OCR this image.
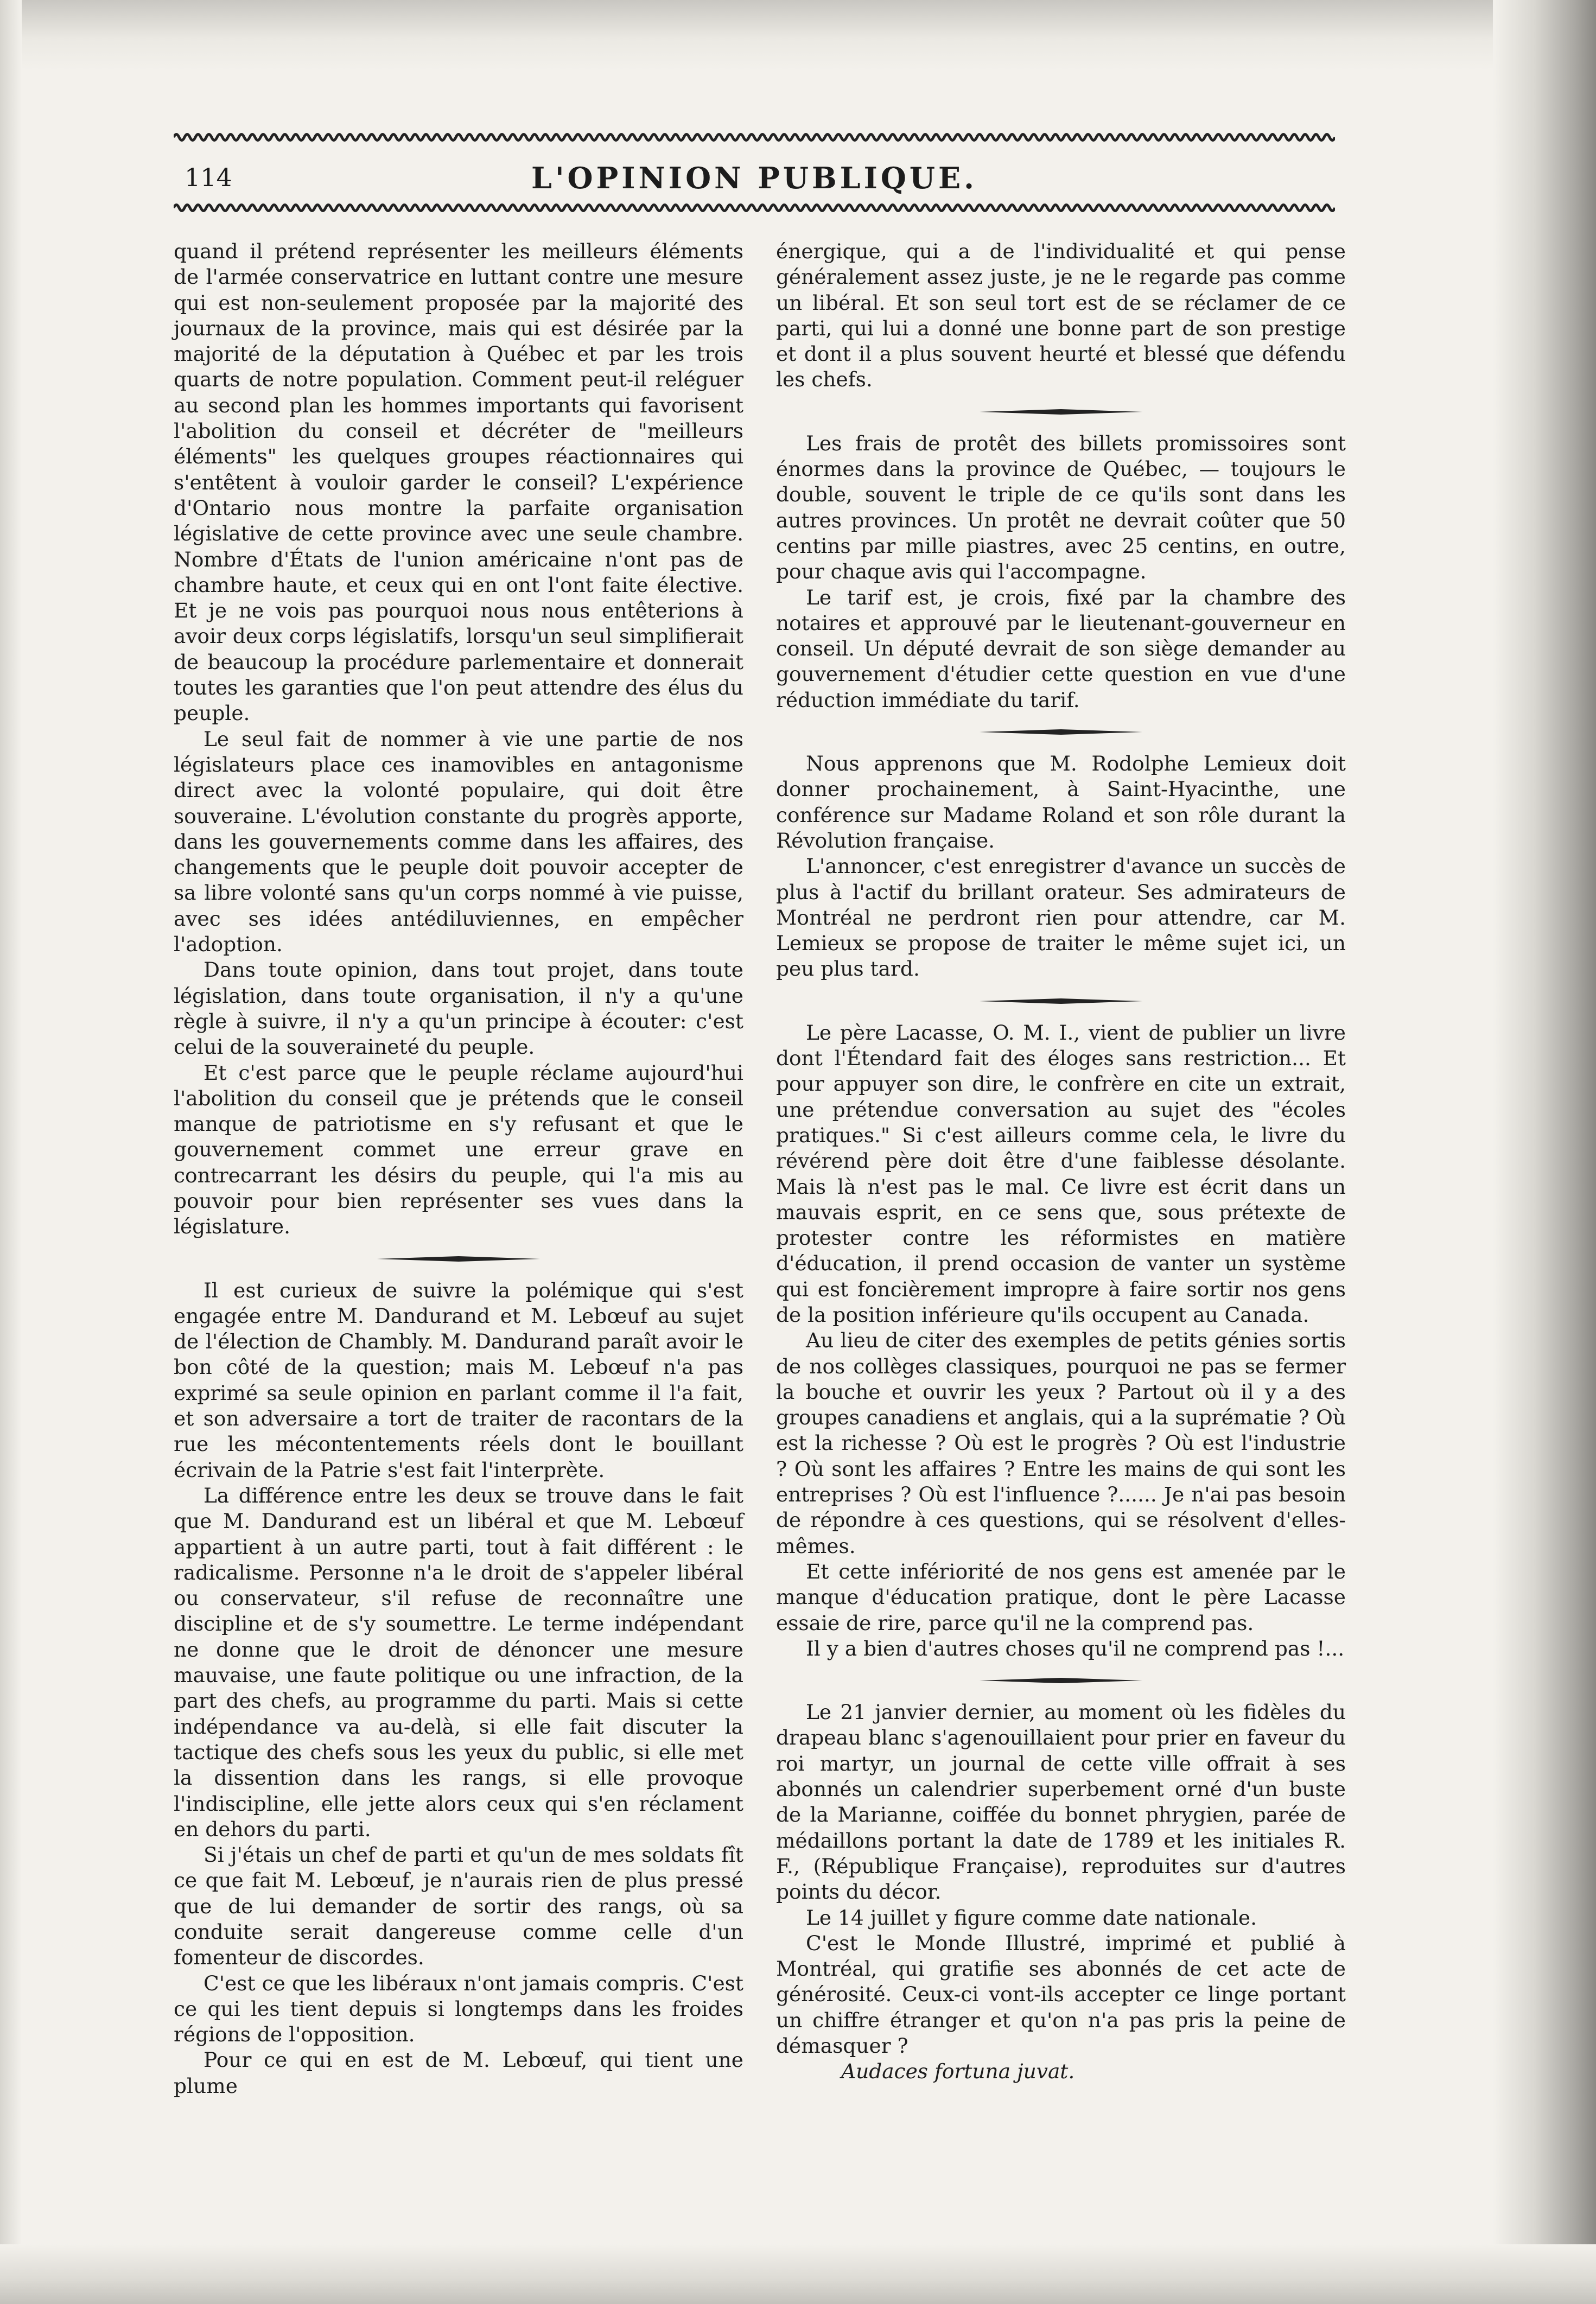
114	L'OPINION PUBLIQUE.

quand il prétend représenter les meilleurs éléments de l'armée conservatrice en luttant contre une mesure qui est non-seulement proposée par la majorité des journaux de la province, mais qui est désirée par la majorité de la députation à Québec et par les trois quarts de notre population. Comment peut-il reléguer au second plan les hommes importants qui favorisent l'abolition du conseil et décréter de "meilleurs éléments" les quelques groupes réactionnaires qui s'entêtent à vouloir garder le conseil? L'expérience d'Ontario nous montre la parfaite organisation législative de cette province avec une seule chambre. Nombre d'États de l'union américaine n'ont pas de chambre haute, et ceux qui en ont l'ont faite élective. Et je ne vois pas pourquoi nous nous entêterions à avoir deux corps législatifs, lorsqu'un seul simplifierait de beaucoup la procédure parlementaire et donnerait toutes les garanties que l'on peut attendre des élus du peuple.

Le seul fait de nommer à vie une partie de nos législateurs place ces inamovibles en antagonisme direct avec la volonté populaire, qui doit être souveraine. L'évolution constante du progrès apporte, dans les gouvernements comme dans les affaires, des changements que le peuple doit pouvoir accepter de sa libre volonté sans qu'un corps nommé à vie puisse, avec ses idées antédiluviennes, en empêcher l'adoption.

Dans toute opinion, dans tout projet, dans toute législation, dans toute organisation, il n'y a qu'une règle à suivre, il n'y a qu'un principe à écouter: c'est celui de la souveraineté du peuple.

Et c'est parce que le peuple réclame aujourd'hui l'abolition du conseil que je prétends que le conseil manque de patriotisme en s'y refusant et que le gouvernement commet une erreur grave en contrecarrant les désirs du peuple, qui l'a mis au pouvoir pour bien représenter ses vues dans la législature.

Il est curieux de suivre la polémique qui s'est engagée entre M. Dandurand et M. Lebœuf au sujet de l'élection de Chambly. M. Dandurand paraît avoir le bon côté de la question; mais M. Lebœuf n'a pas exprimé sa seule opinion en parlant comme il l'a fait, et son adversaire a tort de traiter de racontars de la rue les mécontentements réels dont le bouillant écrivain de la Patrie s'est fait l'interprète.

La différence entre les deux se trouve dans le fait que M. Dandurand est un libéral et que M. Lebœuf appartient à un autre parti, tout à fait différent : le radicalisme. Personne n'a le droit de s'appeler libéral ou conservateur, s'il refuse de reconnaître une discipline et de s'y soumettre. Le terme indépendant ne donne que le droit de dénoncer une mesure mauvaise, une faute politique ou une infraction, de la part des chefs, au programme du parti. Mais si cette indépendance va au-delà, si elle fait discuter la tactique des chefs sous les yeux du public, si elle met la dissention dans les rangs, si elle provoque l'indiscipline, elle jette alors ceux qui s'en réclament en dehors du parti.

Si j'étais un chef de parti et qu'un de mes soldats fît ce que fait M. Lebœuf, je n'aurais rien de plus pressé que de lui demander de sortir des rangs, où sa conduite serait dangereuse comme celle d'un fomenteur de discordes.

C'est ce que les libéraux n'ont jamais compris. C'est ce qui les tient depuis si longtemps dans les froides régions de l'opposition.

Pour ce qui en est de M. Lebœuf, qui tient une plume

énergique, qui a de l'individualité et qui pense généralement assez juste, je ne le regarde pas comme un libéral. Et son seul tort est de se réclamer de ce parti, qui lui a donné une bonne part de son prestige et dont il a plus souvent heurté et blessé que défendu les chefs.

Les frais de protêt des billets promissoires sont énormes dans la province de Québec, — toujours le double, souvent le triple de ce qu'ils sont dans les autres provinces. Un protêt ne devrait coûter que 50 centins par mille piastres, avec 25 centins, en outre, pour chaque avis qui l'accompagne.

Le tarif est, je crois, fixé par la chambre des notaires et approuvé par le lieutenant-gouverneur en conseil. Un député devrait de son siège demander au gouvernement d'étudier cette question en vue d'une réduction immédiate du tarif.

Nous apprenons que M. Rodolphe Lemieux doit donner prochainement, à Saint-Hyacinthe, une conférence sur Madame Roland et son rôle durant la Révolution française.

L'annoncer, c'est enregistrer d'avance un succès de plus à l'actif du brillant orateur. Ses admirateurs de Montréal ne perdront rien pour attendre, car M. Lemieux se propose de traiter le même sujet ici, un peu plus tard.

Le père Lacasse, O. M. I., vient de publier un livre dont l'Étendard fait des éloges sans restriction... Et pour appuyer son dire, le confrère en cite un extrait, une prétendue conversation au sujet des "écoles pratiques." Si c'est ailleurs comme cela, le livre du révérend père doit être d'une faiblesse désolante. Mais là n'est pas le mal. Ce livre est écrit dans un mauvais esprit, en ce sens que, sous prétexte de protester contre les réformistes en matière d'éducation, il prend occasion de vanter un système qui est foncièrement impropre à faire sortir nos gens de la position inférieure qu'ils occupent au Canada.

Au lieu de citer des exemples de petits génies sortis de nos collèges classiques, pourquoi ne pas se fermer la bouche et ouvrir les yeux ? Partout où il y a des groupes canadiens et anglais, qui a la suprématie ? Où est la richesse ? Où est le progrès ? Où est l'industrie ? Où sont les affaires ? Entre les mains de qui sont les entreprises ? Où est l'influence ?...... Je n'ai pas besoin de répondre à ces questions, qui se résolvent d'elles-mêmes.

Et cette infériorité de nos gens est amenée par le manque d'éducation pratique, dont le père Lacasse essaie de rire, parce qu'il ne la comprend pas.

Il y a bien d'autres choses qu'il ne comprend pas !...

Le 21 janvier dernier, au moment où les fidèles du drapeau blanc s'agenouillaient pour prier en faveur du roi martyr, un journal de cette ville offrait à ses abonnés un calendrier superbement orné d'un buste de la Marianne, coiffée du bonnet phrygien, parée de médaillons portant la date de 1789 et les initiales R. F., (République Française), reproduites sur d'autres points du décor.

Le 14 juillet y figure comme date nationale.

C'est le Monde Illustré, imprimé et publié à Montréal, qui gratifie ses abonnés de cet acte de générosité. Ceux-ci vont-ils accepter ce linge portant un chiffre étranger et qu'on n'a pas pris la peine de démasquer ?

Audaces fortuna juvat.
